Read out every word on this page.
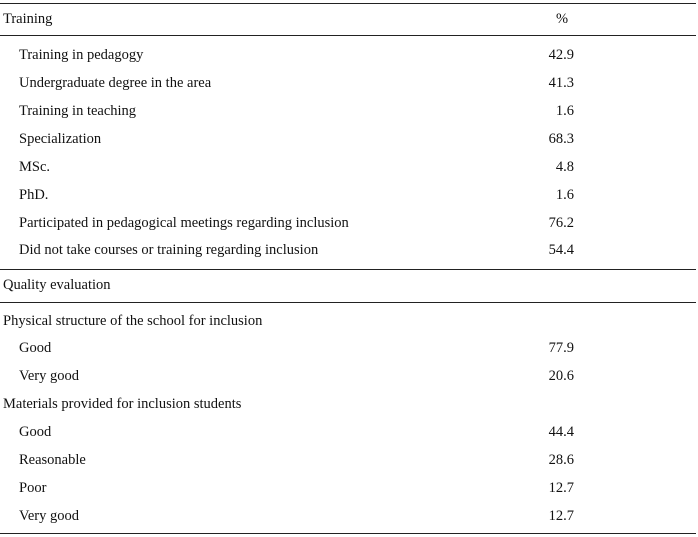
Training	%
Training in pedagogy	42.9
Undergraduate degree in the area	41.3
Training in teaching	1.6
Specialization	68.3
MSc.	4.8
PhD.	1.6
Participated in pedagogical meetings regarding inclusion	76.2
Did not take courses or training regarding inclusion	54.4
Quality evaluation
Physical structure of the school for inclusion
Good	77.9
Very good	20.6
Materials provided for inclusion students
Good	44.4
Reasonable	28.6
Poor	12.7
Very good	12.7
